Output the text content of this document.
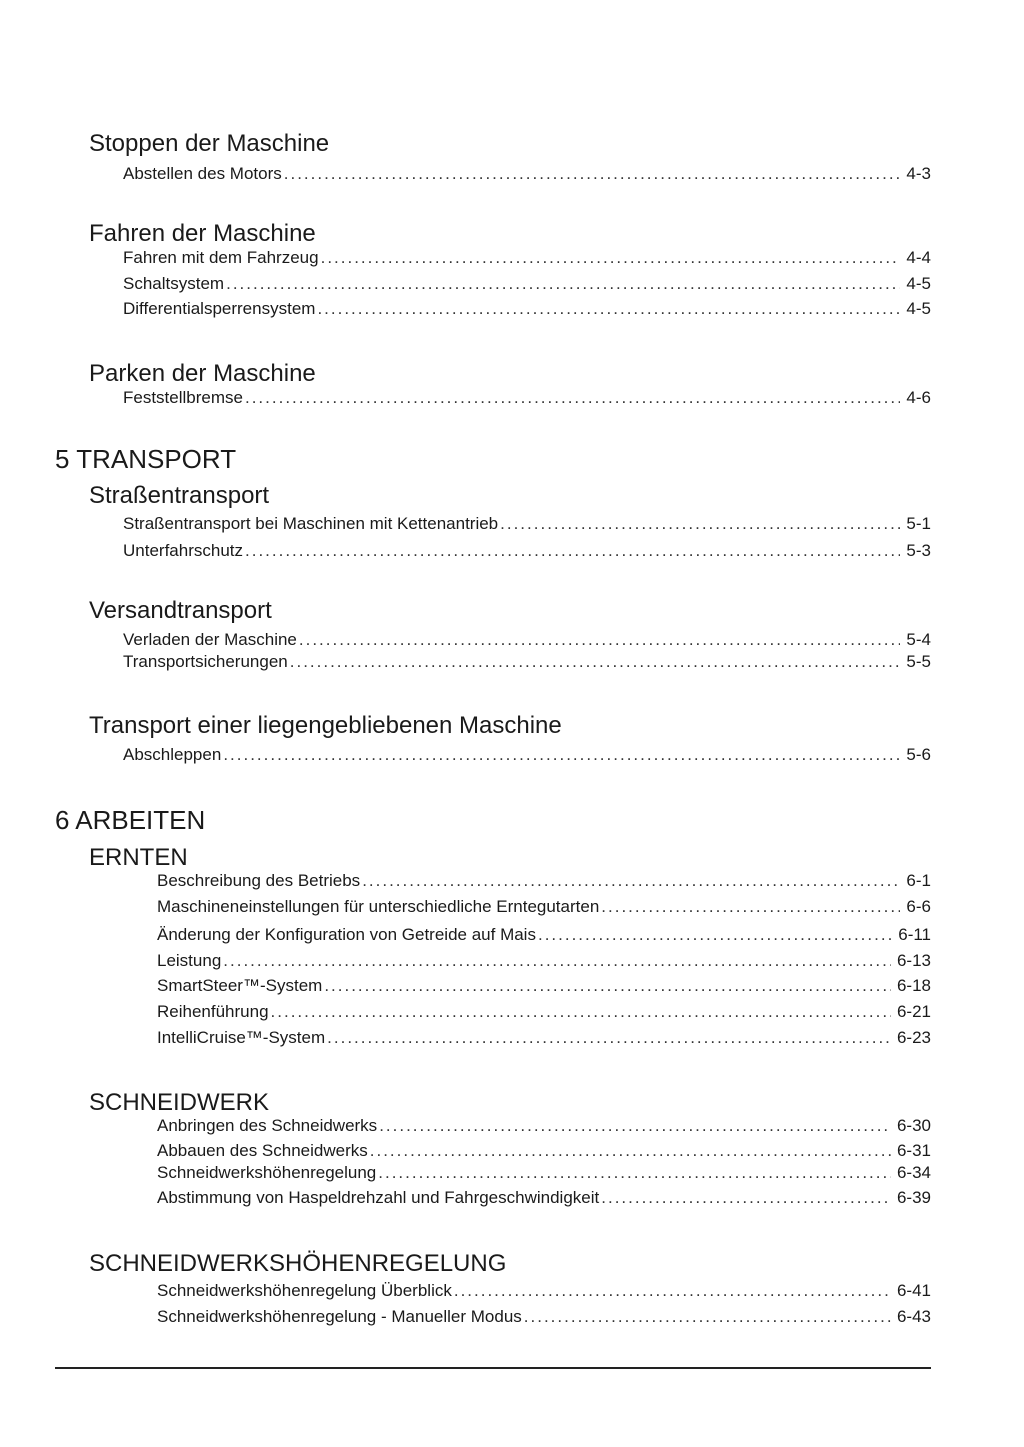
Stoppen der Maschine
Abstellen des Motors .....	4-3
Fahren der Maschine
Fahren mit dem Fahrzeug .....	4-4
Schaltsystem .....	4-5
Differentialsperrensystem .....	4-5
Parken der Maschine
Feststellbremse .....	4-6
5 TRANSPORT
Straßentransport
Straßentransport bei Maschinen mit Kettenantrieb .....	5-1
Unterfahrschutz .....	5-3
Versandtransport
Verladen der Maschine .....	5-4
Transportsicherungen .....	5-5
Transport einer liegengebliebenen Maschine
Abschleppen .....	5-6
6 ARBEITEN
ERNTEN
Beschreibung des Betriebs .....	6-1
Maschineneinstellungen für unterschiedliche Erntegutarten .....	6-6
Änderung der Konfiguration von Getreide auf Mais .....	6-11
Leistung .....	6-13
SmartSteer™-System .....	6-18
Reihenführung .....	6-21
IntelliCruise™-System .....	6-23
SCHNEIDWERK
Anbringen des Schneidwerks .....	6-30
Abbauen des Schneidwerks .....	6-31
Schneidwerkshöhenregelung .....	6-34
Abstimmung von Haspeldrehzahl und Fahrgeschwindigkeit .....	6-39
SCHNEIDWERKSHÖHENREGELUNG
Schneidwerkshöhenregelung Überblick .....	6-41
Schneidwerkshöhenregelung - Manueller Modus .....	6-43
